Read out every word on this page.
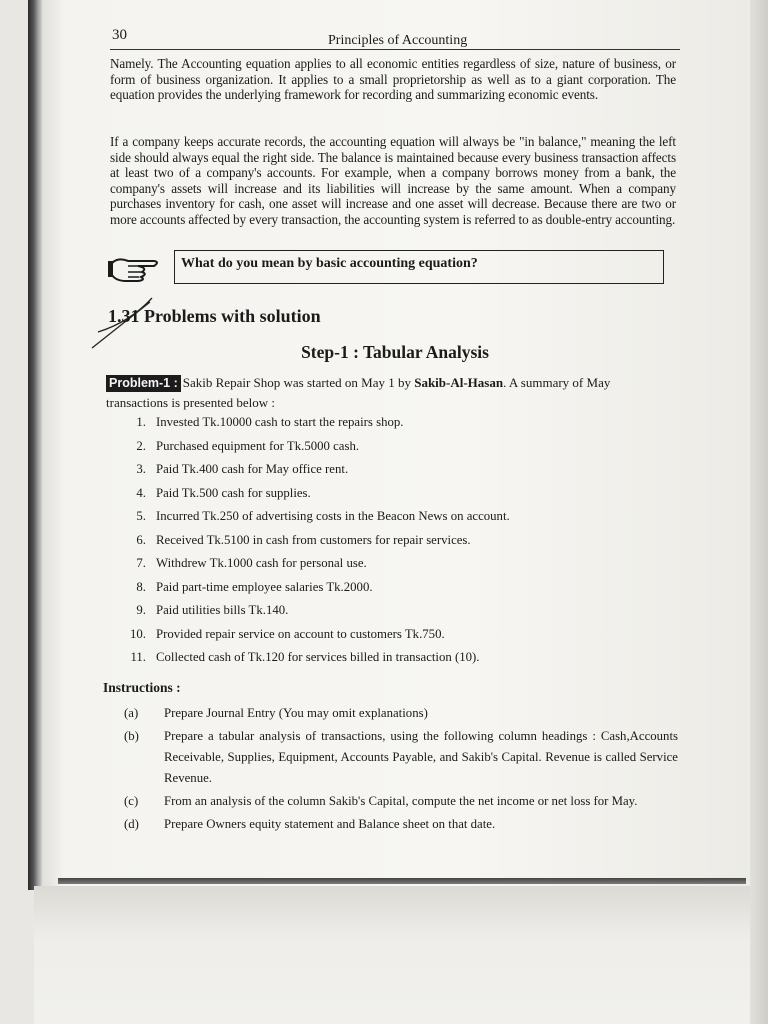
30	Principles of Accounting
Namely. The Accounting equation applies to all economic entities regardless of size, nature of business, or form of business organization. It applies to a small proprietorship as well as to a giant corporation. The equation provides the underlying framework for recording and summarizing economic events.
If a company keeps accurate records, the accounting equation will always be "in balance," meaning the left side should always equal the right side. The balance is maintained because every business transaction affects at least two of a company's accounts. For example, when a company borrows money from a bank, the company's assets will increase and its liabilities will increase by the same amount. When a company purchases inventory for cash, one asset will increase and one asset will decrease. Because there are two or more accounts affected by every transaction, the accounting system is referred to as double-entry accounting.
What do you mean by basic accounting equation?
1.31 Problems with solution
Step-1 : Tabular Analysis
Problem-1 : Sakib Repair Shop was started on May 1 by Sakib-Al-Hasan. A summary of May transactions is presented below :
1. Invested Tk.10000 cash to start the repairs shop.
2. Purchased equipment for Tk.5000 cash.
3. Paid Tk.400 cash for May office rent.
4. Paid Tk.500 cash for supplies.
5. Incurred Tk.250 of advertising costs in the Beacon News on account.
6. Received Tk.5100 in cash from customers for repair services.
7. Withdrew Tk.1000 cash for personal use.
8. Paid part-time employee salaries Tk.2000.
9. Paid utilities bills Tk.140.
10. Provided repair service on account to customers Tk.750.
11. Collected cash of Tk.120 for services billed in transaction (10).
Instructions :
(a) Prepare Journal Entry (You may omit explanations)
(b) Prepare a tabular analysis of transactions, using the following column headings : Cash,Accounts Receivable, Supplies, Equipment, Accounts Payable, and Sakib's Capital. Revenue is called Service Revenue.
(c) From an analysis of the column Sakib's Capital, compute the net income or net loss for May.
(d) Prepare Owners equity statement and Balance sheet on that date.
